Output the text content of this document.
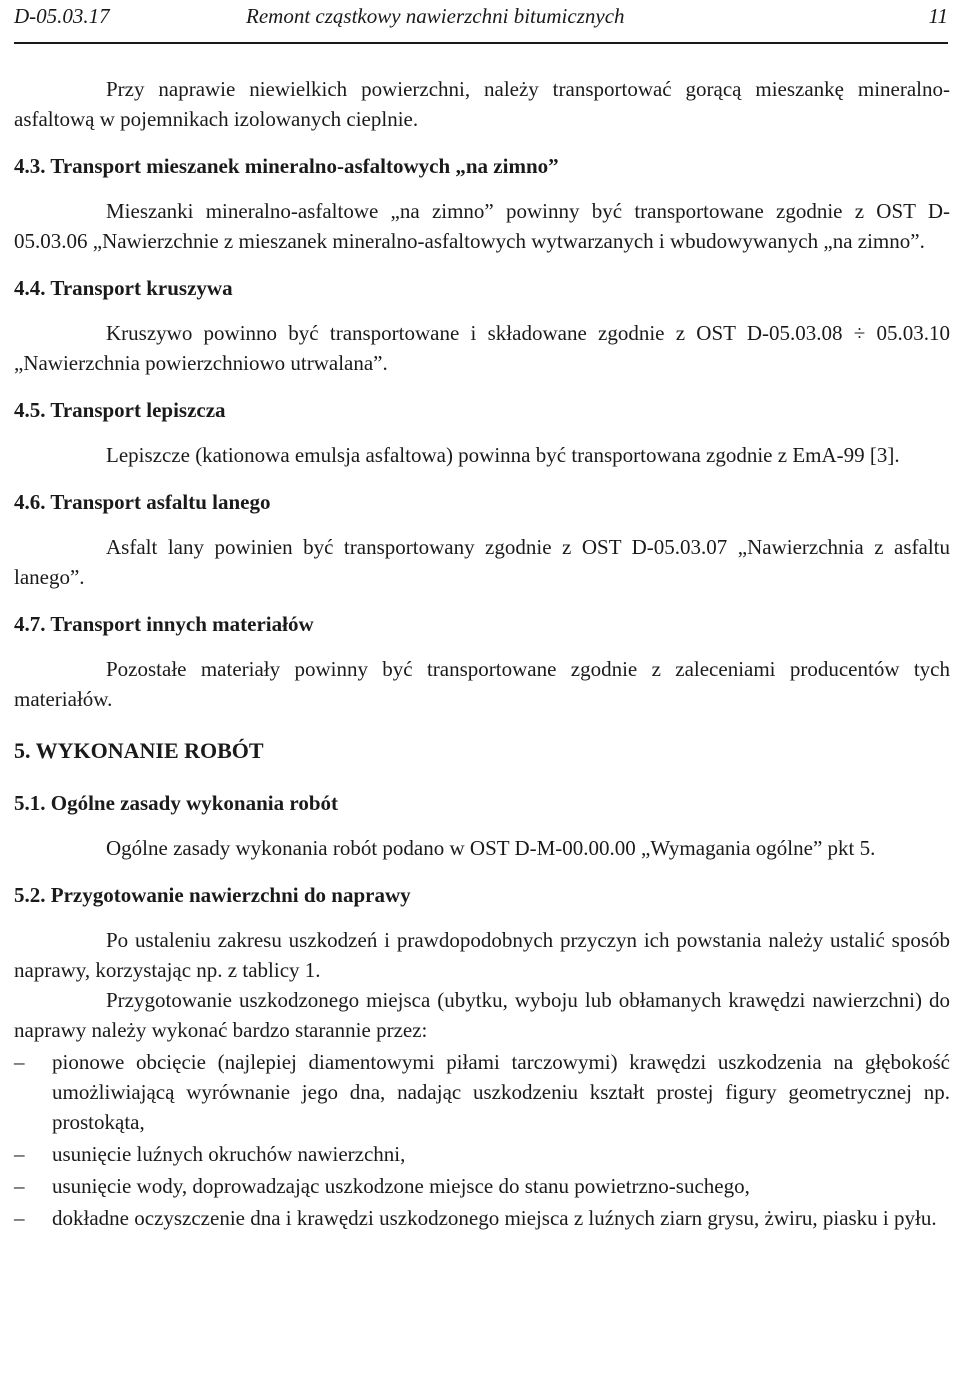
D-05.03.17	Remont cząstkowy nawierzchni bitumicznych	11

Przy naprawie niewielkich powierzchni, należy transportować gorącą mieszankę mineralno-asfaltową w pojemnikach izolowanych cieplnie.

4.3. Transport mieszanek mineralno-asfaltowych „na zimno”

Mieszanki mineralno-asfaltowe „na zimno” powinny być transportowane zgodnie z OST D-05.03.06 „Nawierzchnie z mieszanek mineralno-asfaltowych wytwarzanych i wbudowywanych „na zimno”.

4.4. Transport kruszywa

Kruszywo powinno być transportowane i składowane zgodnie z OST D-05.03.08 ÷ 05.03.10 „Nawierzchnia powierzchniowo utrwalana”.

4.5. Transport lepiszcza

Lepiszcze (kationowa emulsja asfaltowa) powinna być transportowana zgodnie z EmA-99 [3].

4.6. Transport asfaltu lanego

Asfalt lany powinien być transportowany zgodnie z OST D-05.03.07 „Nawierzchnia z asfaltu lanego”.

4.7. Transport innych materiałów

Pozostałe materiały powinny być transportowane zgodnie z zaleceniami producentów tych materiałów.

5. WYKONANIE ROBÓT

5.1. Ogólne zasady wykonania robót

Ogólne zasady wykonania robót podano w OST D-M-00.00.00 „Wymagania ogólne” pkt 5.

5.2. Przygotowanie nawierzchni do naprawy

Po ustaleniu zakresu uszkodzeń i prawdopodobnych przyczyn ich powstania należy ustalić sposób naprawy, korzystając np. z tablicy 1.

Przygotowanie uszkodzonego miejsca (ubytku, wyboju lub obłamanych krawędzi nawierzchni) do naprawy należy wykonać bardzo starannie przez:

– pionowe obcięcie (najlepiej diamentowymi piłami tarczowymi) krawędzi uszkodzenia na głębokość umożliwiającą wyrównanie jego dna, nadając uszkodzeniu kształt prostej figury geometrycznej np. prostokąta,
– usunięcie luźnych okruchów nawierzchni,
– usunięcie wody, doprowadzając uszkodzone miejsce do stanu powietrzno-suchego,
– dokładne oczyszczenie dna i krawędzi uszkodzonego miejsca z luźnych ziarn grysu, żwiru, piasku i pyłu.
